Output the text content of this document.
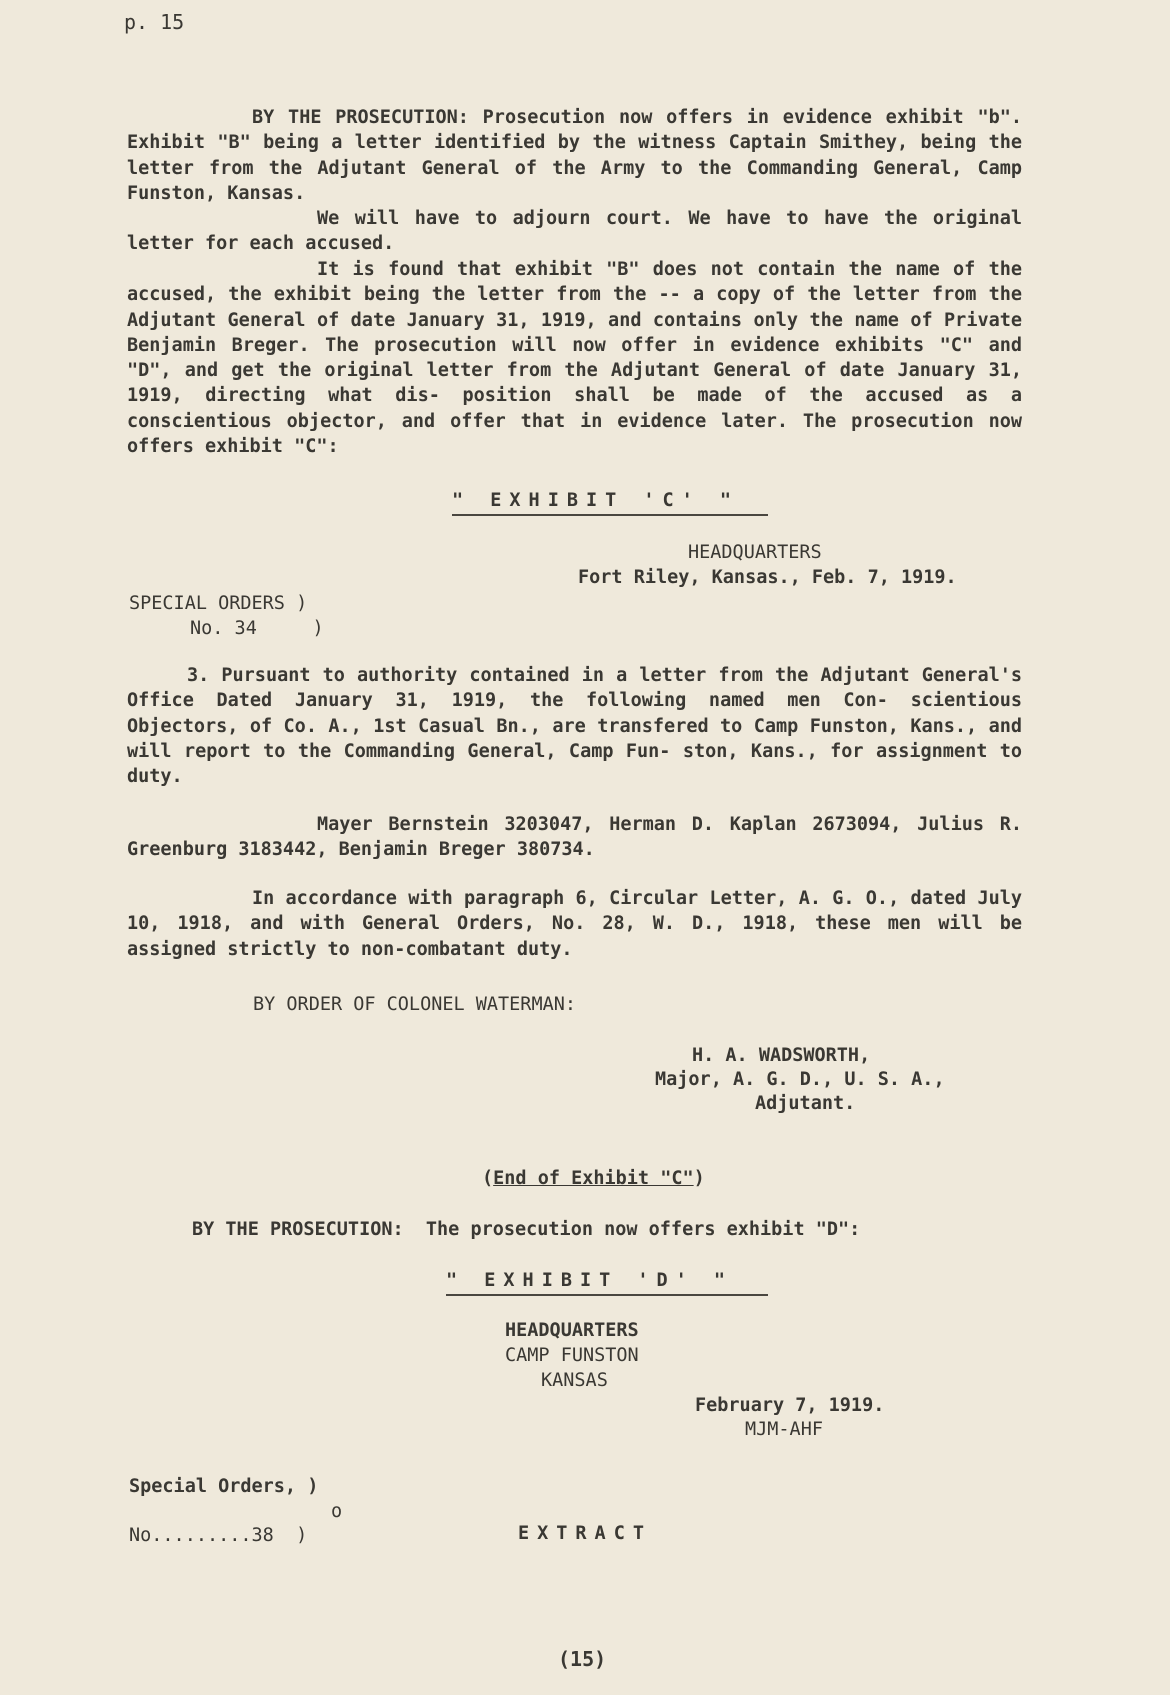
p. 15

BY THE PROSECUTION: Prosecution now offers in evidence exhibit "b". Exhibit "B" being a letter identified by the witness Captain Smithey, being the letter from the Adjutant General of the Army to the Commanding General, Camp Funston, Kansas.

We will have to adjourn court. We have to have the original letter for each accused.

It is found that exhibit "B" does not contain the name of the accused, the exhibit being the letter from the -- a copy of the letter from the Adjutant General of date January 31, 1919, and contains only the name of Private Benjamin Breger. The prosecution will now offer in evidence exhibits "C" and "D", and get the original letter from the Adjutant General of date January 31, 1919, directing what dis- position shall be made of the accused as a conscientious objector, and offer that in evidence later. The prosecution now offers exhibit "C":

" EXHIBIT 'C' "

HEADQUARTERS

Fort Riley, Kansas., Feb. 7, 1919.

SPECIAL ORDERS )

No. 34     )

3. Pursuant to authority contained in a letter from the Adjutant General's Office Dated January 31, 1919, the following named men Con- scientious Objectors, of Co. A., 1st Casual Bn., are transfered to Camp Funston, Kans., and will report to the Commanding General, Camp Fun- ston, Kans., for assignment to duty.

Mayer Bernstein 3203047, Herman D. Kaplan 2673094, Julius R. Greenburg 3183442, Benjamin Breger 380734.

In accordance with paragraph 6, Circular Letter, A. G. O., dated July 10, 1918, and with General Orders, No. 28, W. D., 1918, these men will be assigned strictly to non-combatant duty.

BY ORDER OF COLONEL WATERMAN:

H. A. WADSWORTH,

Major, A. G. D., U. S. A.,

Adjutant.

(End of Exhibit "C")

BY THE PROSECUTION:  The prosecution now offers exhibit "D":

" EXHIBIT 'D' "

HEADQUARTERS

CAMP FUNSTON

KANSAS

February 7, 1919.

MJM-AHF

Special Orders, )

o

No.........38  )	EXTRACT

(15)
